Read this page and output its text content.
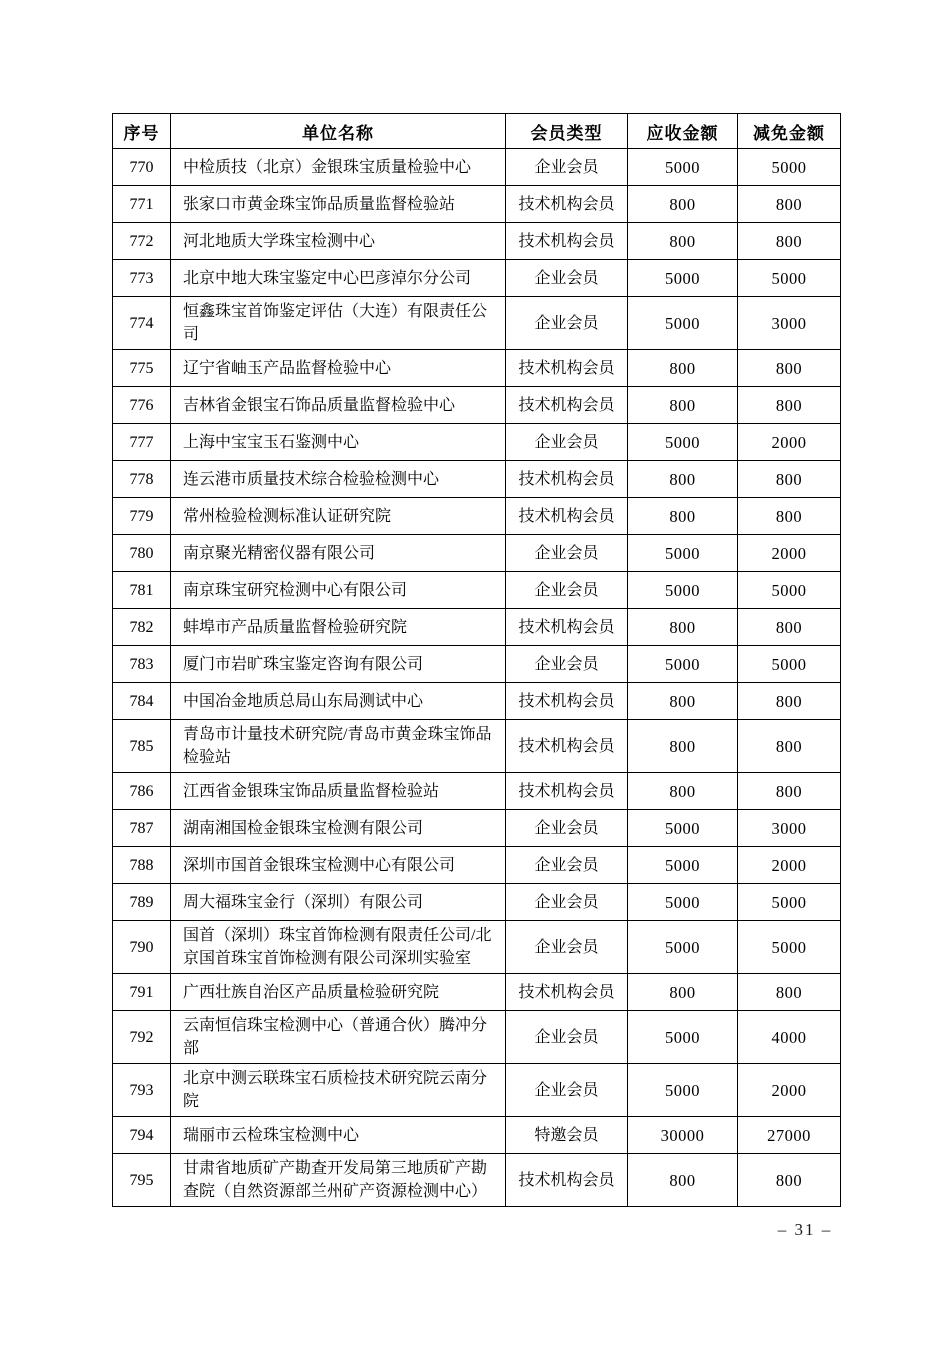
序号	单位名称	会员类型	应收金额	减免金额
770	中检质技（北京）金银珠宝质量检验中心	企业会员	5000	5000
771	张家口市黄金珠宝饰品质量监督检验站	技术机构会员	800	800
772	河北地质大学珠宝检测中心	技术机构会员	800	800
773	北京中地大珠宝鉴定中心巴彦淖尔分公司	企业会员	5000	5000
774	恒鑫珠宝首饰鉴定评估（大连）有限责任公司	企业会员	5000	3000
775	辽宁省岫玉产品监督检验中心	技术机构会员	800	800
776	吉林省金银宝石饰品质量监督检验中心	技术机构会员	800	800
777	上海中宝宝玉石鉴测中心	企业会员	5000	2000
778	连云港市质量技术综合检验检测中心	技术机构会员	800	800
779	常州检验检测标准认证研究院	技术机构会员	800	800
780	南京聚光精密仪器有限公司	企业会员	5000	2000
781	南京珠宝研究检测中心有限公司	企业会员	5000	5000
782	蚌埠市产品质量监督检验研究院	技术机构会员	800	800
783	厦门市岩旷珠宝鉴定咨询有限公司	企业会员	5000	5000
784	中国冶金地质总局山东局测试中心	技术机构会员	800	800
785	青岛市计量技术研究院/青岛市黄金珠宝饰品检验站	技术机构会员	800	800
786	江西省金银珠宝饰品质量监督检验站	技术机构会员	800	800
787	湖南湘国检金银珠宝检测有限公司	企业会员	5000	3000
788	深圳市国首金银珠宝检测中心有限公司	企业会员	5000	2000
789	周大福珠宝金行（深圳）有限公司	企业会员	5000	5000
790	国首（深圳）珠宝首饰检测有限责任公司/北京国首珠宝首饰检测有限公司深圳实验室	企业会员	5000	5000
791	广西壮族自治区产品质量检验研究院	技术机构会员	800	800
792	云南恒信珠宝检测中心（普通合伙）腾冲分部	企业会员	5000	4000
793	北京中测云联珠宝石质检技术研究院云南分院	企业会员	5000	2000
794	瑞丽市云检珠宝检测中心	特邀会员	30000	27000
795	甘肃省地质矿产勘查开发局第三地质矿产勘查院（自然资源部兰州矿产资源检测中心）	技术机构会员	800	800
– 31 –
